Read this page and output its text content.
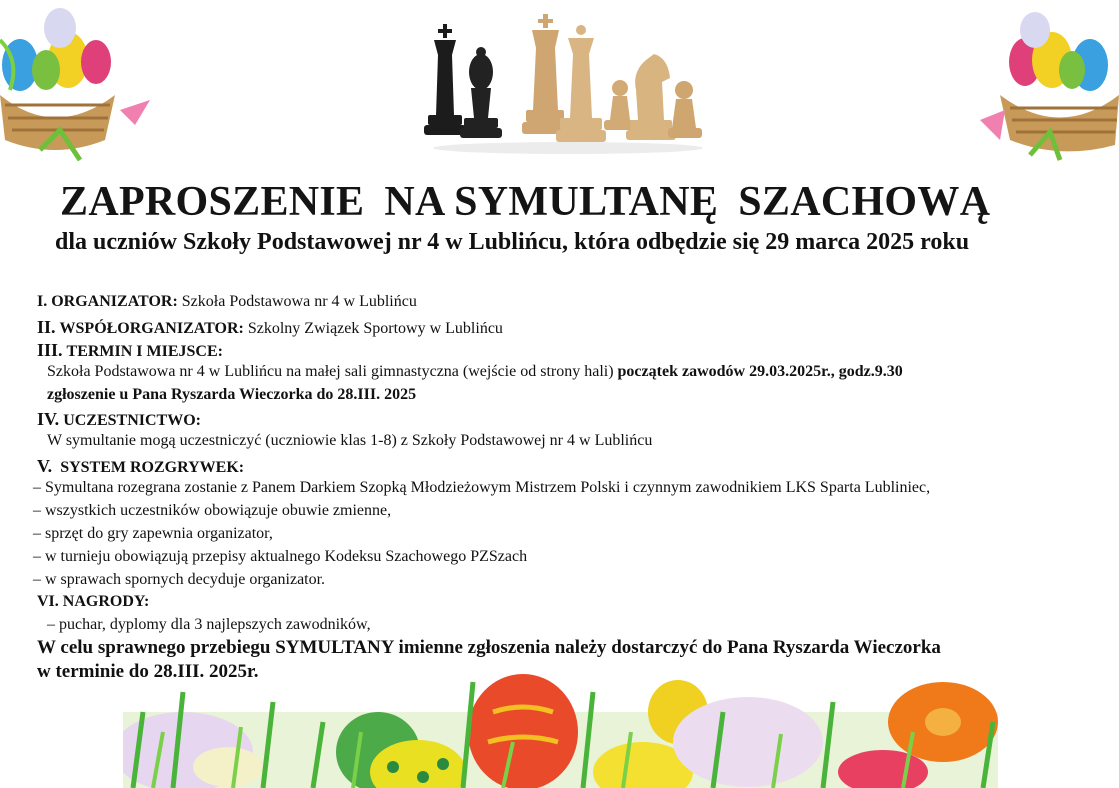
ZAPROSZENIE NA SYMULTANĘ SZACHOWĄ
dla uczniów Szkoły Podstawowej nr 4 w Lublińcu, która odbędzie się 29 marca 2025 roku
I. ORGANIZATOR: Szkoła Podstawowa nr 4 w Lublińcu
II. WSPÓŁORGANIZATOR: Szkolny Związek Sportowy w Lublińcu
III. TERMIN I MIEJSCE:
Szkoła Podstawowa nr 4 w Lublińcu na małej sali gimnastyczna (wejście od strony hali) początek zawodów 29.03.2025r., godz.9.30
zgłoszenie u Pana Ryszarda Wieczorka do 28.III. 2025
IV. UCZESTNICTWO:
W symultanie mogą uczestniczyć (uczniowie klas 1-8) z Szkoły Podstawowej nr 4 w Lublińcu
V. SYSTEM ROZGRYWEK:
– Symultana rozegrana zostanie z Panem Darkiem Szopką Młodzieżowym Mistrzem Polski i czynnym zawodnikiem LKS Sparta Lubliniec,
– wszystkich uczestników obowiązuje obuwie zmienne,
– sprzęt do gry zapewnia organizator,
– w turnieju obowiązują przepisy aktualnego Kodeksu Szachowego PZSzach
– w sprawach spornych decyduje organizator.
VI. NAGRODY:
– puchar, dyplomy dla 3 najlepszych zawodników,
W celu sprawnego przebiegu SYMULTANY imienne zgłoszenia należy dostarczyć do Pana Ryszarda Wieczorka
w terminie do 28.III. 2025r.
